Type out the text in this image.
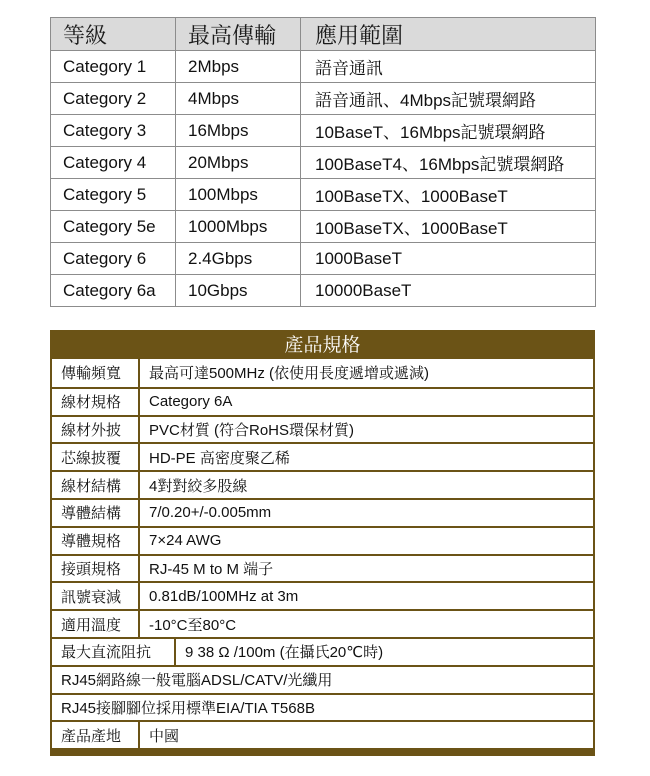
等級	最高傳輸	應用範圍
Category 1	2Mbps	語音通訊
Category 2	4Mbps	語音通訊、4Mbps記號環網路
Category 3	16Mbps	10BaseT、16Mbps記號環網路
Category 4	20Mbps	100BaseT4、16Mbps記號環網路
Category 5	100Mbps	100BaseTX、1000BaseT
Category 5e	1000Mbps	100BaseTX、1000BaseT
Category 6	2.4Gbps	1000BaseT
Category 6a	10Gbps	10000BaseT
產品規格
傳輸頻寬	最高可達500MHz (依使用長度遞增或遞減)
線材規格	Category 6A
線材外披	PVC材質 (符合RoHS環保材質)
芯線披覆	HD-PE 高密度聚乙稀
線材結構	4對對絞多股線
導體結構	7/0.20+/-0.005mm
導體規格	7×24 AWG
接頭規格	RJ-45 M to M 端子
訊號衰減	0.81dB/100MHz at 3m
適用溫度	-10°C至80°C
最大直流阻抗	9 38 Ω /100m (在攝氏20℃時)
RJ45網路線一般電腦ADSL/CATV/光纖用
RJ45接腳腳位採用標準EIA/TIA T568B
產品產地	中國
